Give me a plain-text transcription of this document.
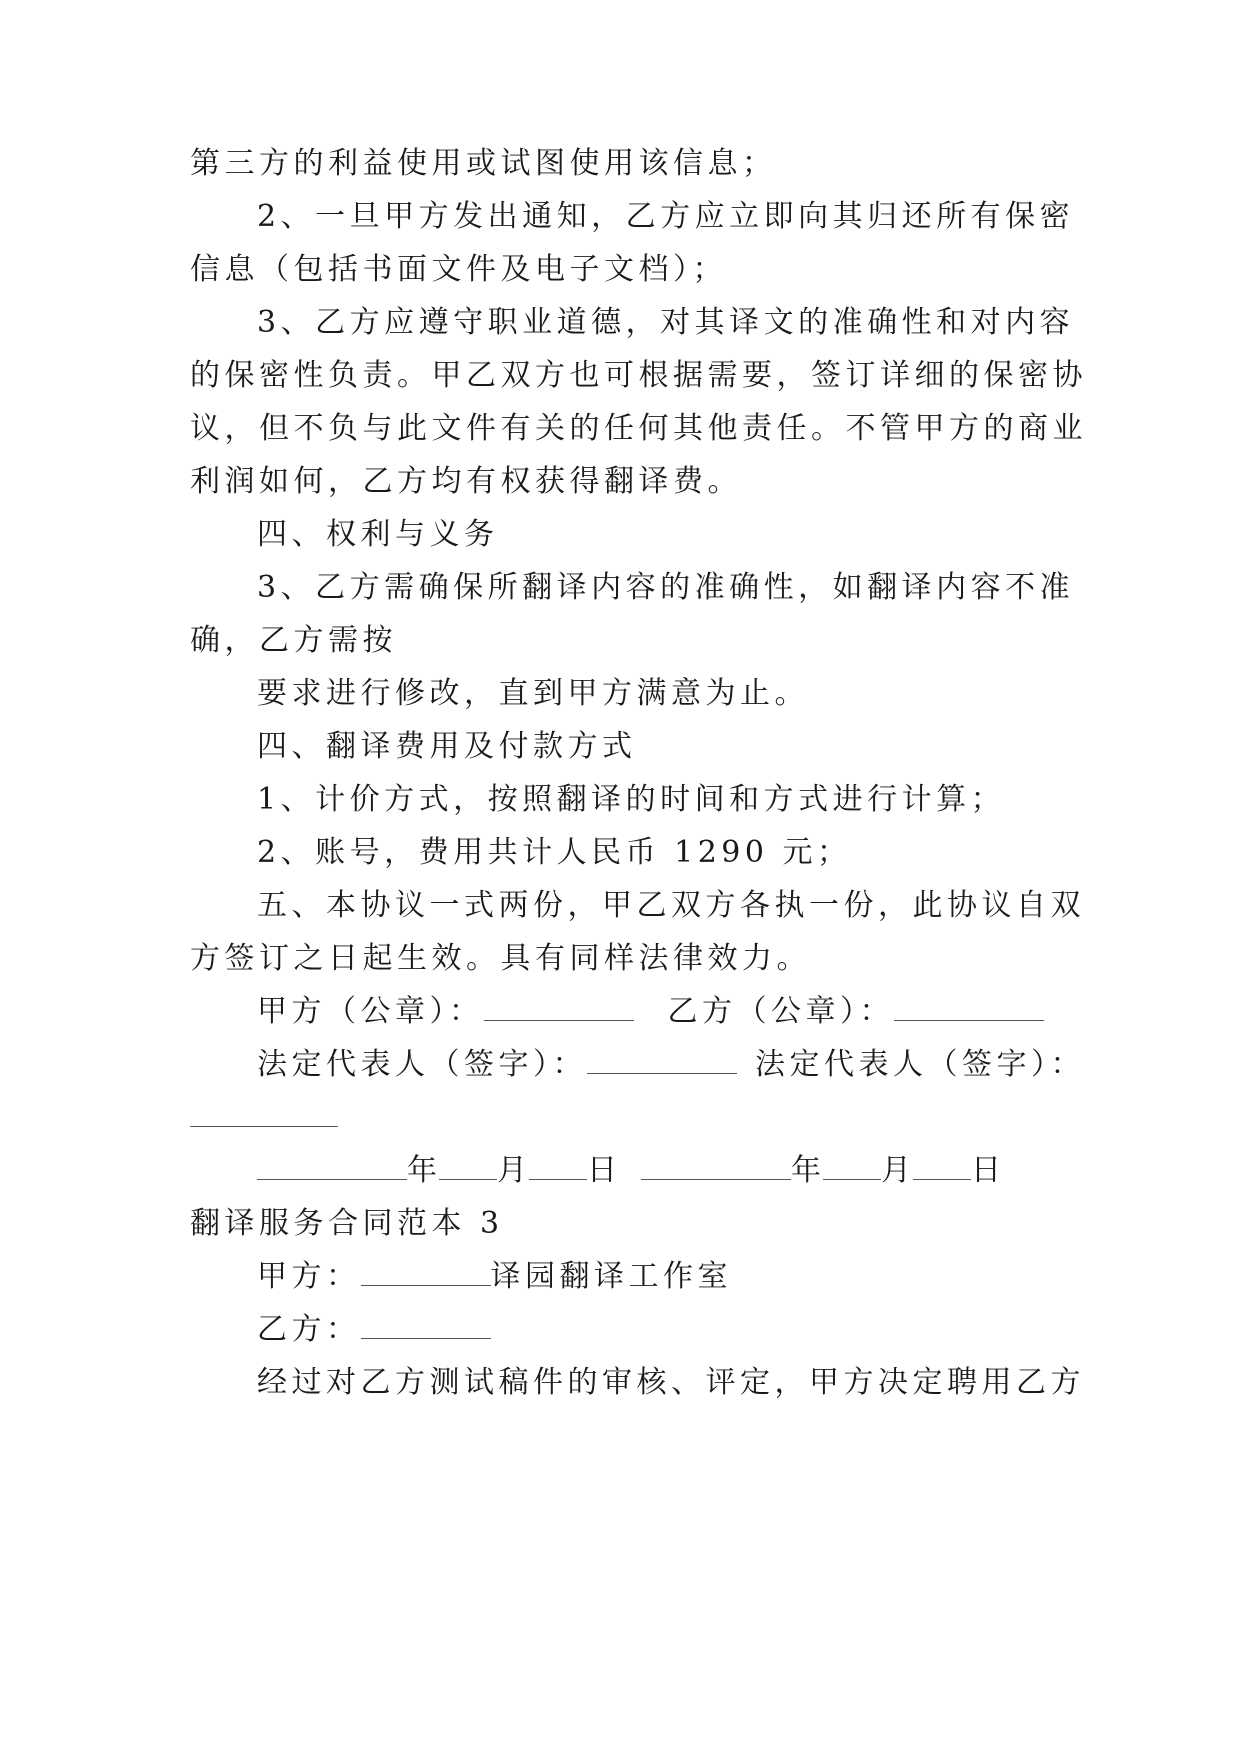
第三方的利益使用或试图使用该信息；
2、一旦甲方发出通知，乙方应立即向其归还所有保密
信息（包括书面文件及电子文档）；
3、乙方应遵守职业道德，对其译文的准确性和对内容
的保密性负责。甲乙双方也可根据需要，签订详细的保密协
议，但不负与此文件有关的任何其他责任。不管甲方的商业
利润如何，乙方均有权获得翻译费。
四、权利与义务
3、乙方需确保所翻译内容的准确性，如翻译内容不准
确，乙方需按
要求进行修改，直到甲方满意为止。
四、翻译费用及付款方式
1、计价方式，按照翻译的时间和方式进行计算；
2、账号，费用共计人民币 1290 元；
五、本协议一式两份，甲乙双方各执一份，此协议自双
方签订之日起生效。具有同样法律效力。
甲方（公章）：	乙方（公章）：
法定代表人（签字）：	法定代表人（签字）：
年 月 日	年 月 日
翻译服务合同范本 3
甲方：	译园翻译工作室
乙方：
经过对乙方测试稿件的审核、评定，甲方决定聘用乙方
